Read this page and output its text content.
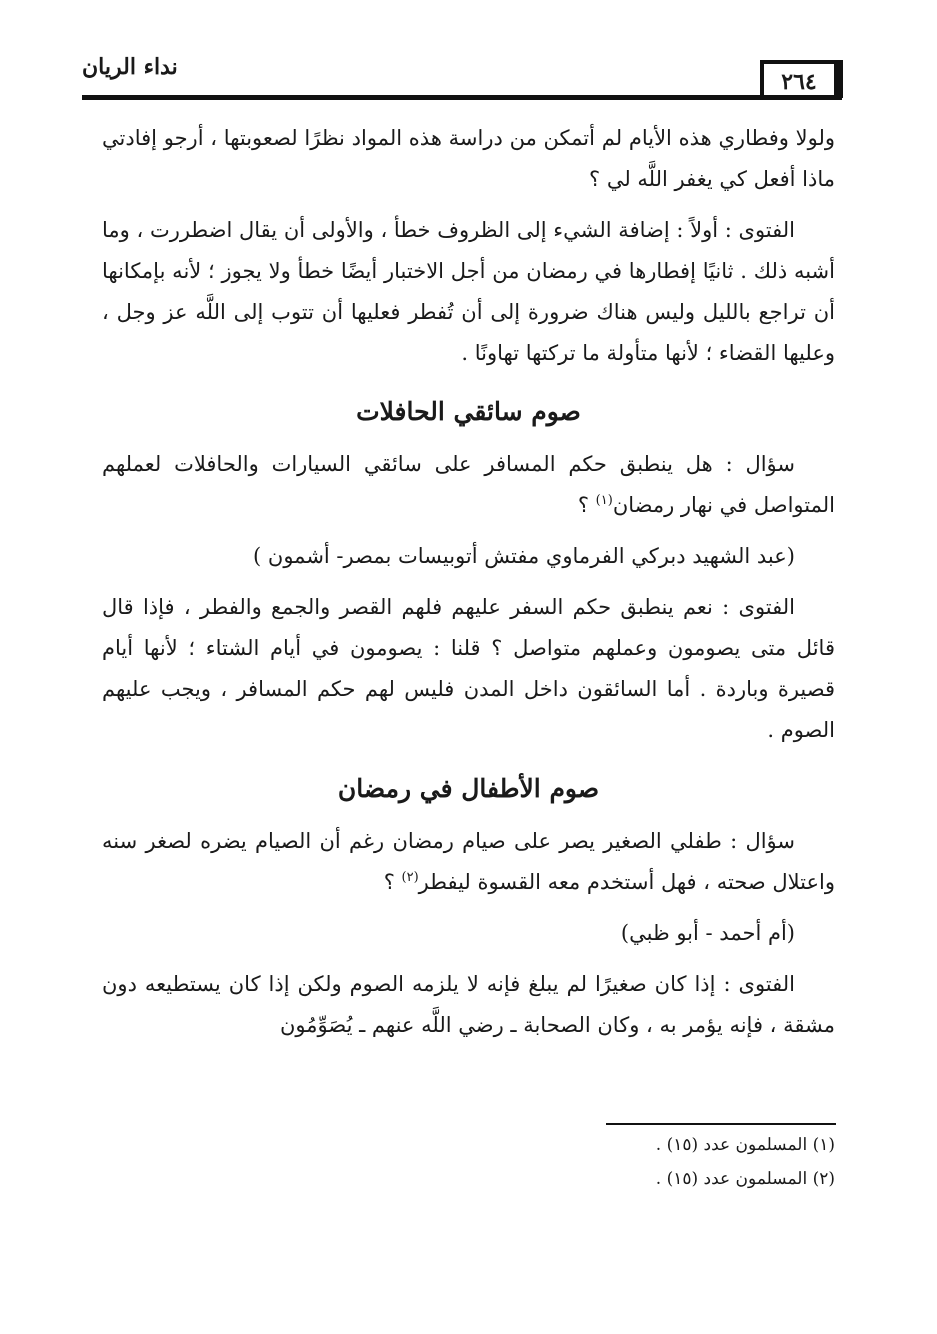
نداء الريان
٢٦٤

ولولا وفطاري هذه الأيام لم أتمكن من دراسة هذه المواد نظرًا لصعوبتها ، أرجو إفادتي ماذا أفعل كي يغفر اللَّه لي ؟

الفتوى : أولاً : إضافة الشيء إلى الظروف خطأ ، والأولى أن يقال اضطررت ، وما أشبه ذلك . ثانيًا إفطارها في رمضان من أجل الاختبار أيضًا خطأ ولا يجوز ؛ لأنه بإمكانها أن تراجع بالليل وليس هناك ضرورة إلى أن تُفطر فعليها أن تتوب إلى اللَّه عز وجل ، وعليها القضاء ؛ لأنها متأولة ما تركتها تهاونًا .

صوم سائقي الحافلات

سؤال : هل ينطبق حكم المسافر على سائقي السيارات والحافلات لعملهم المتواصل في نهار رمضان$^{(١)}$ ؟

(عبد الشهيد دبركي الفرماوي مفتش أتوبيسات بمصر- أشمون )

الفتوى : نعم ينطبق حكم السفر عليهم فلهم القصر والجمع والفطر ، فإذا قال قائل متى يصومون وعملهم متواصل ؟ قلنا : يصومون في أيام الشتاء ؛ لأنها أيام قصيرة وباردة . أما السائقون داخل المدن فليس لهم حكم المسافر ، ويجب عليهم الصوم .

صوم الأطفال في رمضان

سؤال : طفلي الصغير يصر على صيام رمضان رغم أن الصيام يضره لصغر سنه واعتلال صحته ، فهل أستخدم معه القسوة ليفطر$^{(٢)}$ ؟

(أم أحمد - أبو ظبي)

الفتوى : إذا كان صغيرًا لم يبلغ فإنه لا يلزمه الصوم ولكن إذا كان يستطيعه دون مشقة ، فإنه يؤمر به ، وكان الصحابة ـ رضي اللَّه عنهم ـ يُصَوِّمُون

(١) المسلمون عدد (١٥) .

(٢) المسلمون عدد (١٥) .
